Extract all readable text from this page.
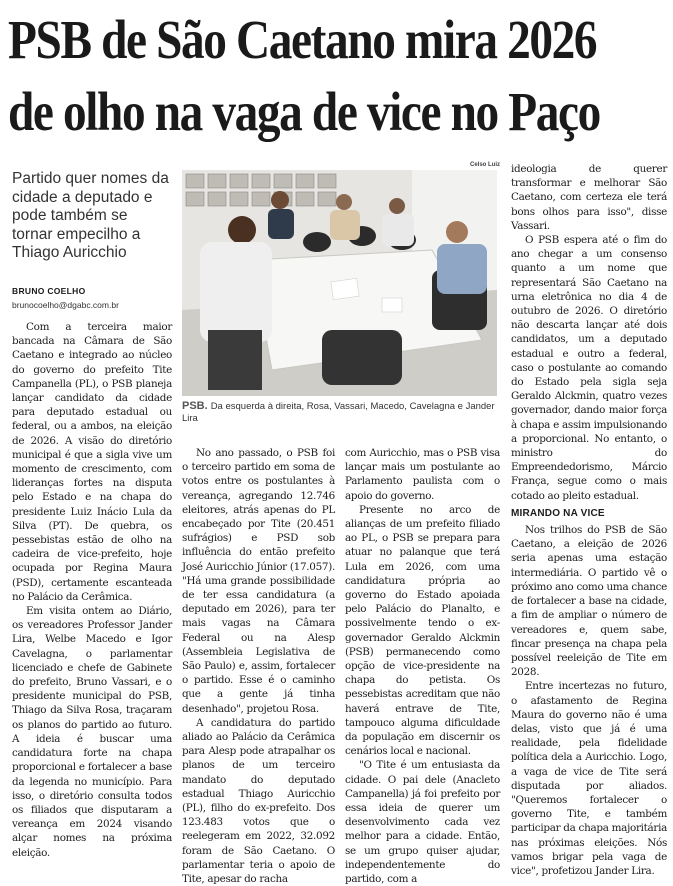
PSB de São Caetano mira 2026
de olho na vaga de vice no Paço
Partido quer nomes da cidade a deputado e pode também se tornar empecilho a Thiago Auricchio
BRUNO COELHO
brunocoelho@dgabc.com.br
Celso Luiz
PSB. Da esquerda à direita, Rosa, Vassari, Macedo, Cavelagna e Jander Lira

Com a terceira maior bancada na Câmara de São Caetano e integrado ao núcleo do governo do prefeito Tite Campanella (PL), o PSB planeja lançar candidato da cidade para deputado estadual ou federal, ou a ambos, na eleição de 2026. A visão do diretório municipal é que a sigla vive um momento de crescimento, com lideranças fortes na disputa pelo Estado e na chapa do presidente Luiz Inácio Lula da Silva (PT). De quebra, os pessebistas estão de olho na cadeira de vice-prefeito, hoje ocupada por Regina Maura (PSD), certamente escanteada no Palácio da Cerâmica.

Em visita ontem ao Diário, os vereadores Professor Jander Lira, Welbe Macedo e Igor Cavelagna, o parlamentar licenciado e chefe de Gabinete do prefeito, Bruno Vassari, e o presidente municipal do PSB, Thiago da Silva Rosa, traçaram os planos do partido ao futuro. A ideia é buscar uma candidatura forte na chapa proporcional e fortalecer a base da legenda no município. Para isso, o diretório consulta todos os filiados que disputaram a vereança em 2024 visando alçar nomes na próxima eleição.

No ano passado, o PSB foi o terceiro partido em soma de votos entre os postulantes à vereança, agregando 12.746 eleitores, atrás apenas do PL encabeçado por Tite (20.451 sufrágios) e PSD sob influência do então prefeito José Auricchio Júnior (17.057). "Há uma grande possibilidade de ter essa candidatura (a deputado em 2026), para ter mais vagas na Câmara Federal ou na Alesp (Assembleia Legislativa de São Paulo) e, assim, fortalecer o partido. Esse é o caminho que a gente já tinha desenhado", projetou Rosa.

A candidatura do partido aliado ao Palácio da Cerâmica para Alesp pode atrapalhar os planos de um terceiro mandato do deputado estadual Thiago Auricchio (PL), filho do ex-prefeito. Dos 123.483 votos que o reelegeram em 2022, 32.092 foram de São Caetano. O parlamentar teria o apoio de Tite, apesar do racha

com Auricchio, mas o PSB visa lançar mais um postulante ao Parlamento paulista com o apoio do governo.

Presente no arco de alianças de um prefeito filiado ao PL, o PSB se prepara para atuar no palanque que terá Lula em 2026, com uma candidatura própria ao governo do Estado apoiada pelo Palácio do Planalto, e possivelmente tendo o ex-governador Geraldo Alckmin (PSB) permanecendo como opção de vice-presidente na chapa do petista. Os pessebistas acreditam que não haverá entrave de Tite, tampouco alguma dificuldade da população em discernir os cenários local e nacional.

"O Tite é um entusiasta da cidade. O pai dele (Anacleto Campanella) já foi prefeito por essa ideia de querer um desenvolvimento cada vez melhor para a cidade. Então, se um grupo quiser ajudar, independentemente do partido, com a

ideologia de querer transformar e melhorar São Caetano, com certeza ele terá bons olhos para isso", disse Vassari.

O PSB espera até o fim do ano chegar a um consenso quanto a um nome que representará São Caetano na urna eletrônica no dia 4 de outubro de 2026. O diretório não descarta lançar até dois candidatos, um a deputado estadual e outro a federal, caso o postulante ao comando do Estado pela sigla seja Geraldo Alckmin, quatro vezes governador, dando maior força à chapa e assim impulsionando a proporcional. No entanto, o ministro do Empreendedorismo, Márcio França, segue como o mais cotado ao pleito estadual.

MIRANDO NA VICE

Nos trilhos do PSB de São Caetano, a eleição de 2026 seria apenas uma estação intermediária. O partido vê o próximo ano como uma chance de fortalecer a base na cidade, a fim de ampliar o número de vereadores e, quem sabe, fincar presença na chapa pela possível reeleição de Tite em 2028.

Entre incertezas no futuro, o afastamento de Regina Maura do governo não é uma delas, visto que já é uma realidade, pela fidelidade política dela a Auricchio. Logo, a vaga de vice de Tite será disputada por aliados. "Queremos fortalecer o governo Tite, e também participar da chapa majoritária nas próximas eleições. Nós vamos brigar pela vaga de vice", profetizou Jander Lira.
